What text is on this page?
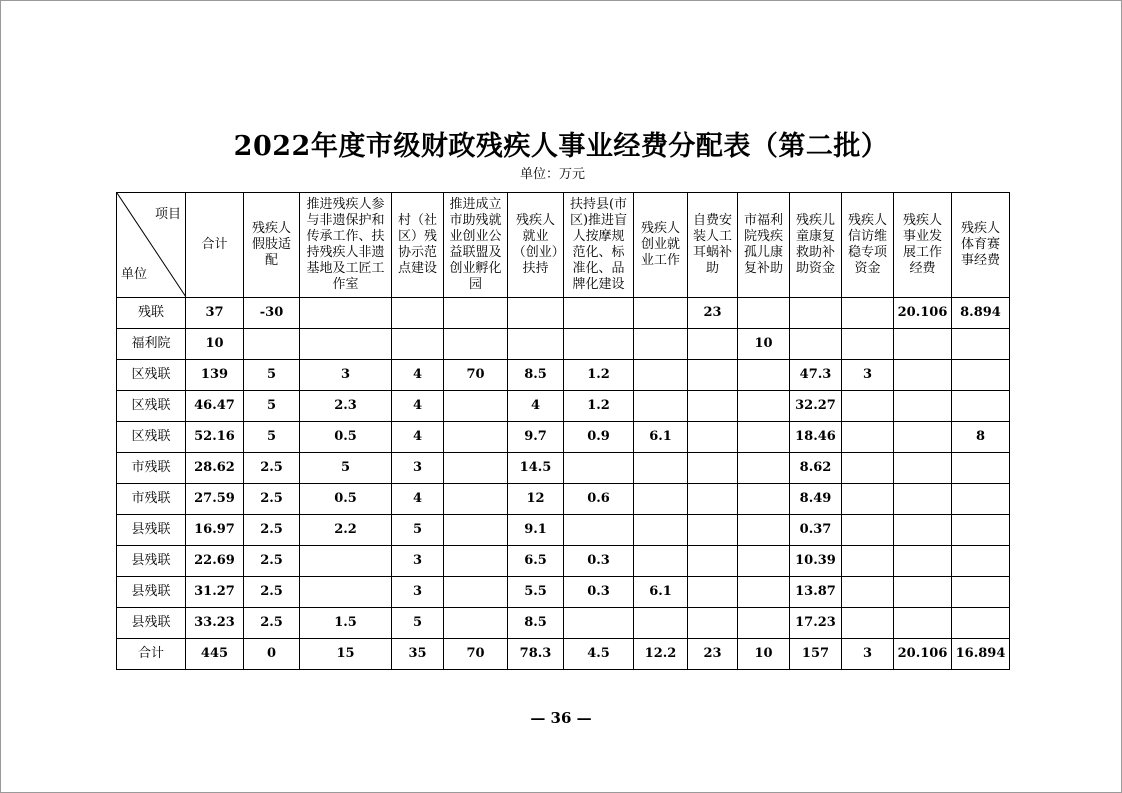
2022年度市级财政残疾人事业经费分配表（第二批）
单位：万元
项目
单位	合计	残疾人假肢适配	推进残疾人参与非遗保护和传承工作、扶持残疾人非遗基地及工匠工作室	村（社区）残协示范点建设	推进成立市助残就业创业公益联盟及创业孵化园	残疾人就业（创业）扶持	扶持县(市区)推进盲人按摩规范化、标准化、品牌化建设	残疾人创业就业工作	自费安装人工耳蜗补助	市福利院残疾孤儿康复补助	残疾儿童康复救助补助资金	残疾人信访维稳专项资金	残疾人事业发展工作经费	残疾人体育赛事经费

残联	37	-30							23				20.106	8.894
福利院	10									10				
区残联	139	5	3	4	70	8.5	1.2				47.3	3		
区残联	46.47	5	2.3	4		4	1.2				32.27			
区残联	52.16	5	0.5	4		9.7	0.9	6.1			18.46			8
市残联	28.62	2.5	5	3		14.5					8.62			
市残联	27.59	2.5	0.5	4		12	0.6				8.49			
县残联	16.97	2.5	2.2	5		9.1					0.37			
县残联	22.69	2.5		3		6.5	0.3				10.39			
县残联	31.27	2.5		3		5.5	0.3	6.1			13.87			
县残联	33.23	2.5	1.5	5		8.5					17.23			
合计	445	0	15	35	70	78.3	4.5	12.2	23	10	157	3	20.106	16.894
— 36 —
